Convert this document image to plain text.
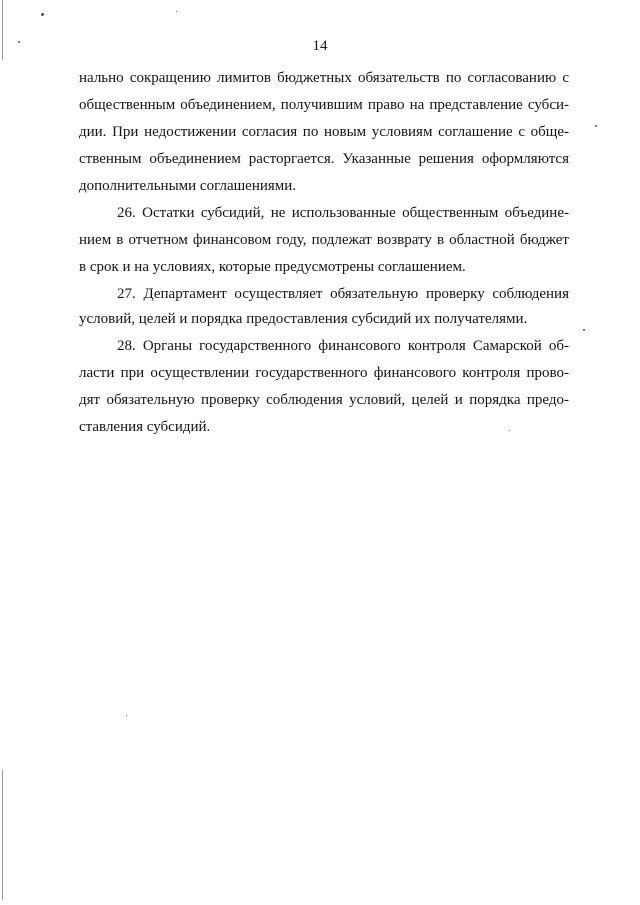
14
нально сокращению лимитов бюджетных обязательств по согласованию с
общественным объединением, получившим право на представление субси-
дии. При недостижении согласия по новым условиям соглашение с обще-
ственным объединением расторгается. Указанные решения оформляются
дополнительными соглашениями.
26. Остатки субсидий, не использованные общественным объедине-
нием в отчетном финансовом году, подлежат возврату в областной бюджет
в срок и на условиях, которые предусмотрены соглашением.
27. Департамент осуществляет обязательную проверку соблюдения
условий, целей и порядка предоставления субсидий их получателями.
28. Органы государственного финансового контроля Самарской об-
ласти при осуществлении государственного финансового контроля прово-
дят обязательную проверку соблюдения условий, целей и порядка предо-
ставления субсидий.
